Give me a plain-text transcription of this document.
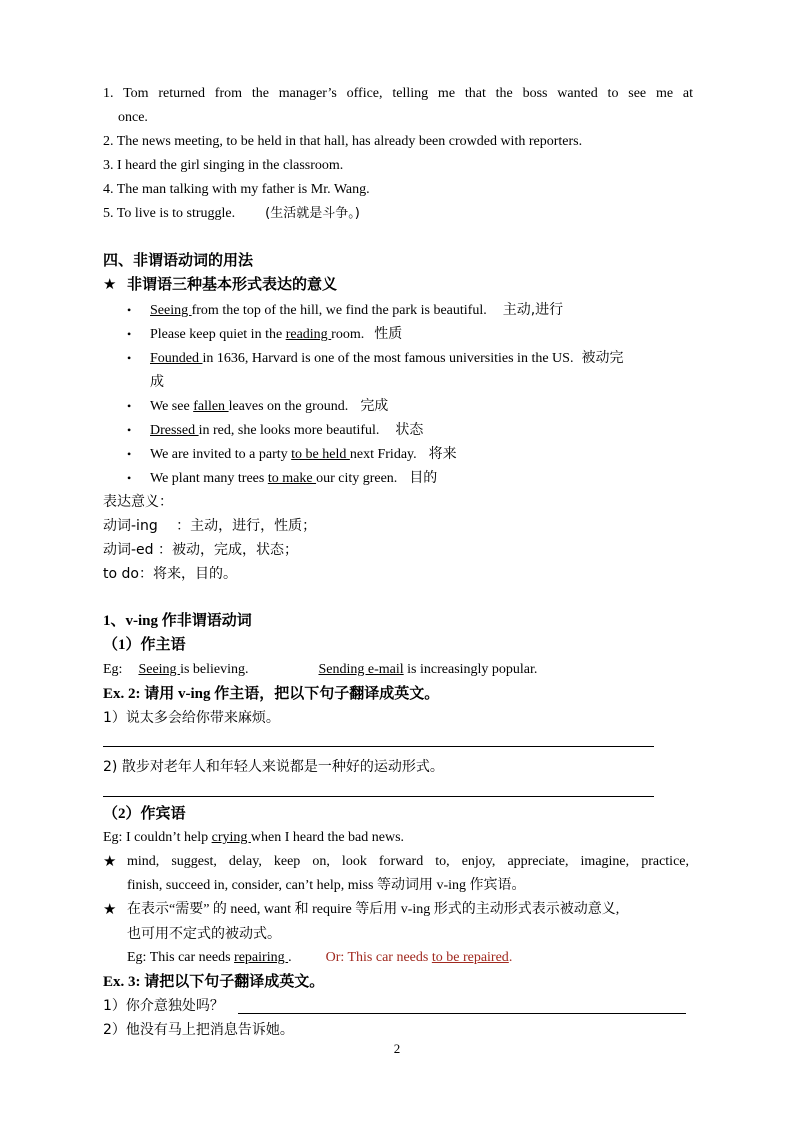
1. Tom returned from the manager’s office, telling me that the boss wanted to see me at
once.
2. The news meeting, to be held in that hall, has already been crowded with reporters.
3. I heard the girl singing in the classroom.
4. The man talking with my father is Mr. Wang.
5. To live is to struggle. (生活就是斗争。)
四、非谓语动词的用法
★ 非谓语三种基本形式表达的意义
• Seeing from the top of the hill, we find the park is beautiful. 主动,进行
• Please keep quiet in the reading room. 性质
• Founded in 1636, Harvard is one of the most famous universities in the US. 被动完
成
• We see fallen leaves on the ground. 完成
• Dressed in red, she looks more beautiful. 状态
• We are invited to a party to be held next Friday. 将来
• We plant many trees to make our city green. 目的
表达意义：
动词-ing 　：主动，进行，性质；
动词-ed ：被动，完成，状态；
to do：将来，目的。
1、v-ing 作非谓语动词
（1）作主语
Eg: Seeing is believing.	Sending e-mail is increasingly popular.
Ex. 2: 请用 v-ing 作主语，把以下句子翻译成英文。
1）说太多会给你带来麻烦。
2) 散步对老年人和年轻人来说都是一种好的运动形式。
（2）作宾语
Eg: I couldn’t help crying when I heard the bad news.
★ mind, suggest, delay, keep on, look forward to, enjoy, appreciate, imagine, practice,
finish, succeed in, consider, can’t help, miss 等动词用 v-ing 作宾语。
★ 在表示“需要” 的 need, want 和 require 等后用 v-ing 形式的主动形式表示被动意义,
也可用不定式的被动式。
Eg: This car needs repairing . Or: This car needs to be repaired.
Ex. 3: 请把以下句子翻译成英文。
1）你介意独处吗？
2）他没有马上把消息告诉她。
2
